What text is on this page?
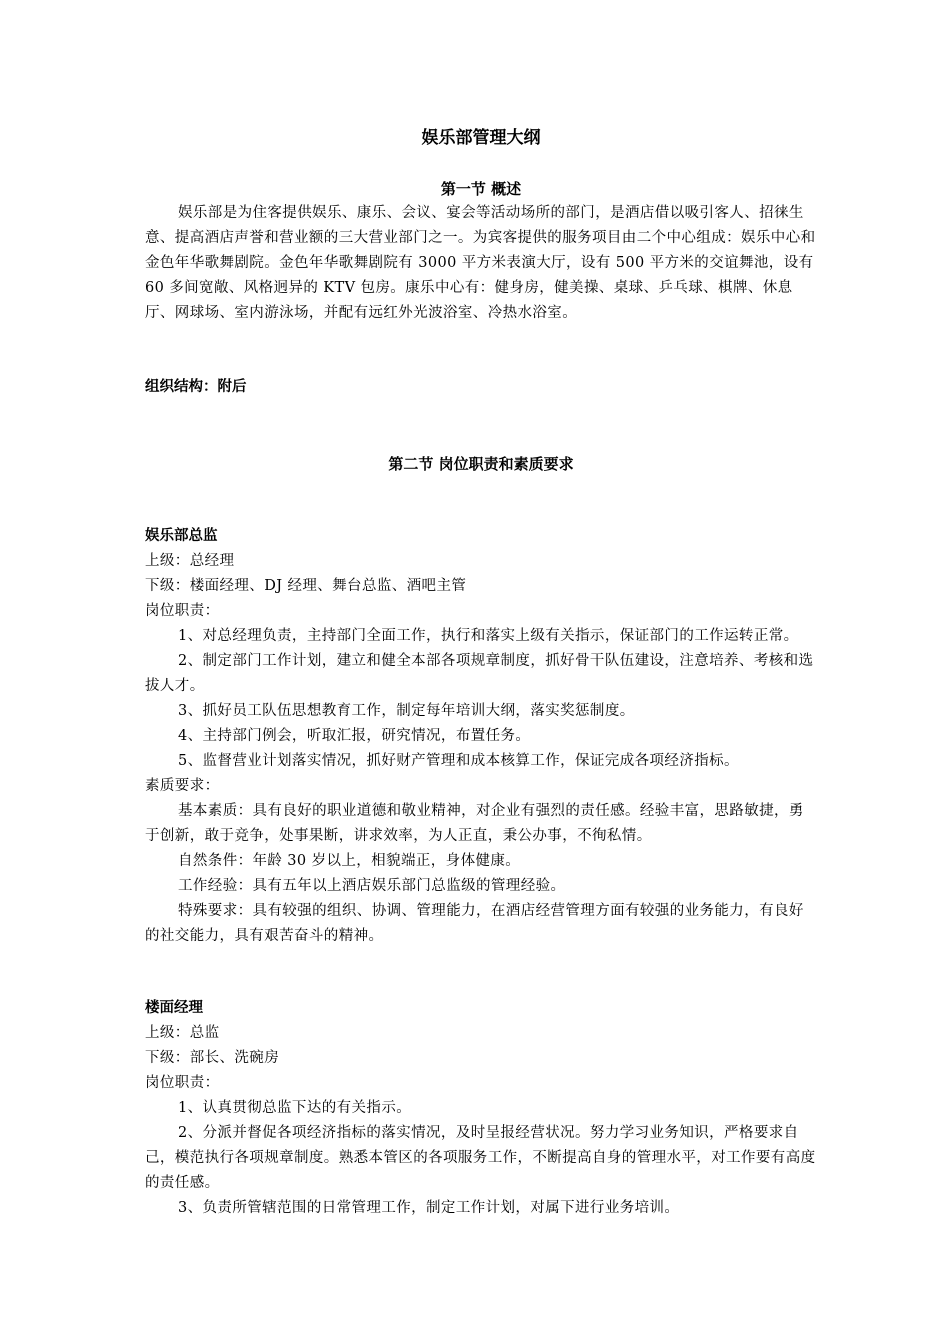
娱乐部管理大纲
第一节 概述

娱乐部是为住客提供娱乐、康乐、会议、宴会等活动场所的部门，是酒店借以吸引客人、招徕生意、提高酒店声誉和营业额的三大营业部门之一。为宾客提供的服务项目由二个中心组成：娱乐中心和金色年华歌舞剧院。金色年华歌舞剧院有 3000 平方米表演大厅，设有 500 平方米的交谊舞池，设有 60 多间宽敞、风格迥异的 KTV 包房。康乐中心有：健身房，健美操、桌球、乒乓球、棋牌、休息厅、网球场、室内游泳场，并配有远红外光波浴室、冷热水浴室。

组织结构：附后
第二节 岗位职责和素质要求
娱乐部总监

上级：总经理

下级：楼面经理、DJ 经理、舞台总监、酒吧主管

岗位职责：

1、对总经理负责，主持部门全面工作，执行和落实上级有关指示，保证部门的工作运转正常。

2、制定部门工作计划，建立和健全本部各项规章制度，抓好骨干队伍建设，注意培养、考核和选拔人才。

3、抓好员工队伍思想教育工作，制定每年培训大纲，落实奖惩制度。

4、主持部门例会，听取汇报，研究情况，布置任务。

5、监督营业计划落实情况，抓好财产管理和成本核算工作，保证完成各项经济指标。

素质要求：

基本素质：具有良好的职业道德和敬业精神，对企业有强烈的责任感。经验丰富，思路敏捷，勇于创新，敢于竞争，处事果断，讲求效率，为人正直，秉公办事，不徇私情。

自然条件：年龄 30 岁以上，相貌端正，身体健康。

工作经验：具有五年以上酒店娱乐部门总监级的管理经验。

特殊要求：具有较强的组织、协调、管理能力，在酒店经营管理方面有较强的业务能力，有良好的社交能力，具有艰苦奋斗的精神。

楼面经理

上级：总监

下级：部长、洗碗房

岗位职责：

1、认真贯彻总监下达的有关指示。

2、分派并督促各项经济指标的落实情况，及时呈报经营状况。努力学习业务知识，严格要求自己，模范执行各项规章制度。熟悉本管区的各项服务工作，不断提高自身的管理水平，对工作要有高度的责任感。

3、负责所管辖范围的日常管理工作，制定工作计划，对属下进行业务培训。
